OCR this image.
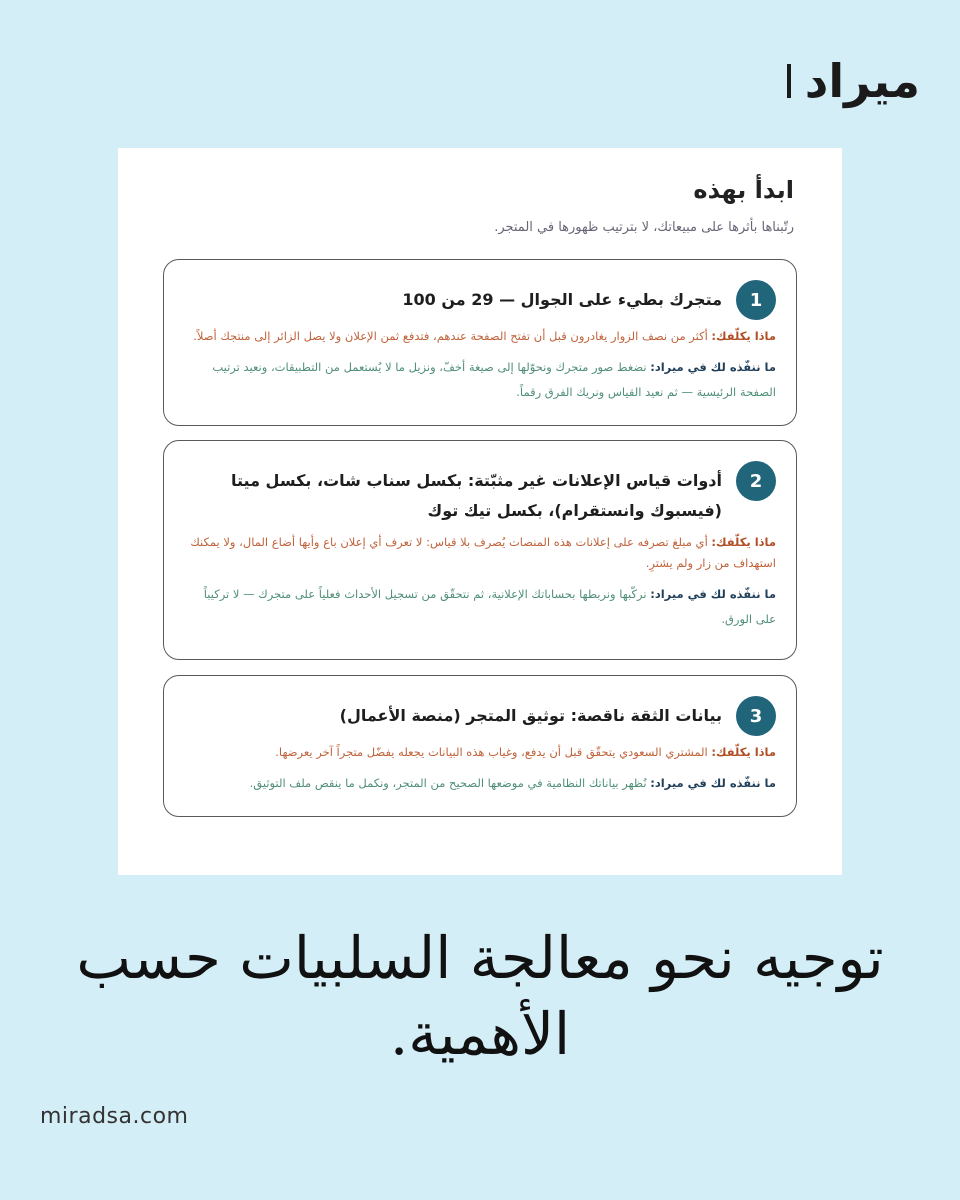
ميراد
ابدأ بهذه
رتّبناها بأثرها على مبيعاتك، لا بترتيب ظهورها في المتجر.
1
متجرك بطيء على الجوال — 29 من 100
ماذا يكلّفك: أكثر من نصف الزوار يغادرون قبل أن تفتح الصفحة عندهم، فتدفع ثمن الإعلان ولا يصل الزائر إلى منتجك أصلاً.
ما ننفّذه لك في ميراد: نضغط صور متجرك ونحوّلها إلى صيغة أخفّ، ونزيل ما لا يُستعمل من التطبيقات، ونعيد ترتيب الصفحة الرئيسية — ثم نعيد القياس ونريك الفرق رقماً.
2
أدوات قياس الإعلانات غير مثبّتة: بكسل سناب شات، بكسل ميتا (فيسبوك وانستقرام)، بكسل تيك توك
ماذا يكلّفك: أي مبلغ تصرفه على إعلانات هذه المنصات يُصرف بلا قياس: لا تعرف أي إعلان باع وأيها أضاع المال، ولا يمكنك استهداف من زار ولم يشترِ.
ما ننفّذه لك في ميراد: نركّبها ونربطها بحساباتك الإعلانية، ثم نتحقّق من تسجيل الأحداث فعلياً على متجرك — لا تركيباً على الورق.
3
بيانات الثقة ناقصة: توثيق المتجر (منصة الأعمال)
ماذا يكلّفك: المشتري السعودي يتحقّق قبل أن يدفع، وغياب هذه البيانات يجعله يفضّل متجراً آخر يعرضها.
ما ننفّذه لك في ميراد: نُظهر بياناتك النظامية في موضعها الصحيح من المتجر، ونكمل ما ينقص ملف التوثيق.
توجيه نحو معالجة السلبيات حسب الأهمية.
miradsa.com
